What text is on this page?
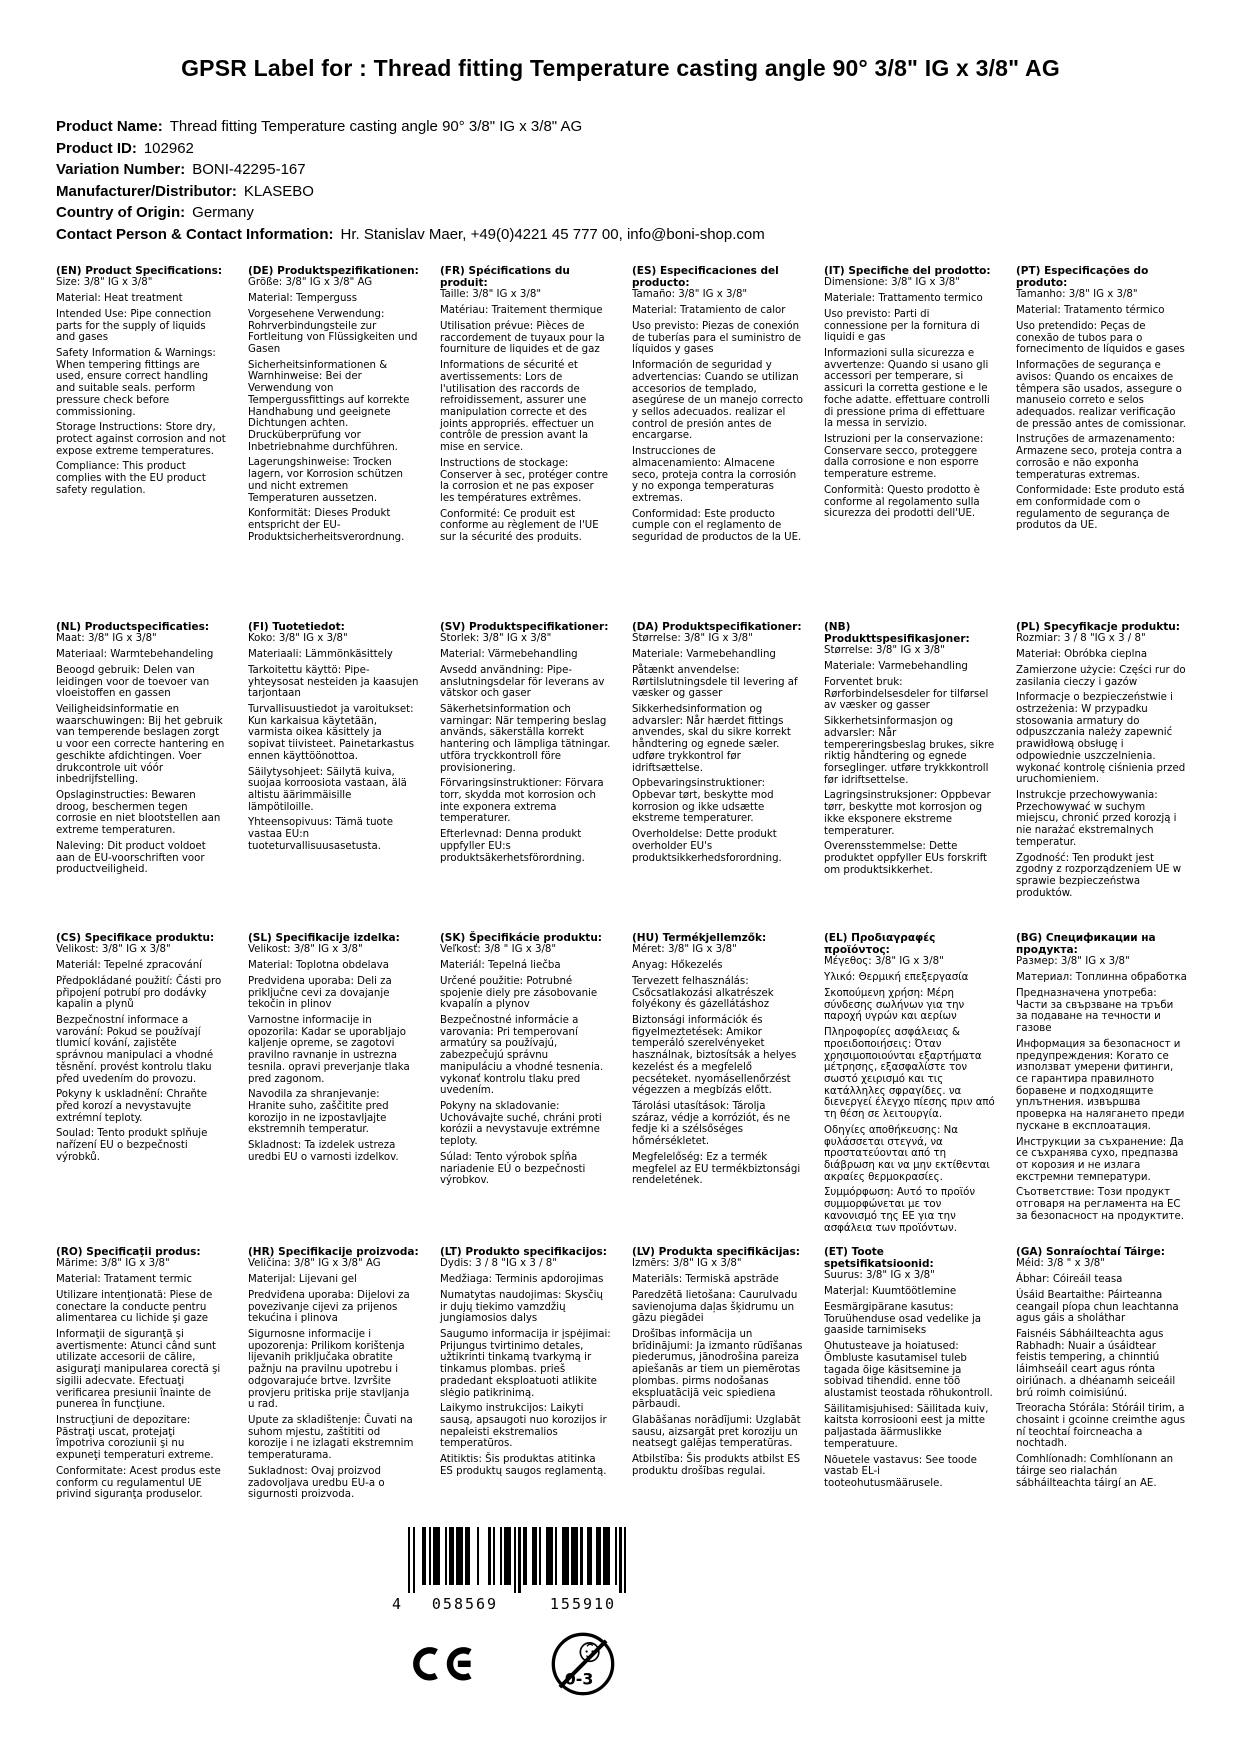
GPSR Label for : Thread fitting Temperature casting angle 90° 3/8" IG x 3/8" AG
Product Name: Thread fitting Temperature casting angle 90° 3/8" IG x 3/8" AG
Product ID: 102962
Variation Number: BONI-42295-167
Manufacturer/Distributor: KLASEBO
Country of Origin: Germany
Contact Person & Contact Information: Hr. Stanislav Maer, +49(0)4221 45 777 00, info@boni-shop.com
(EN) Product Specifications:

Size: 3/8" IG x 3/8"

Material: Heat treatment

Intended Use: Pipe connection parts for the supply of liquids and gases

Safety Information & Warnings: When tempering fittings are used, ensure correct handling and suitable seals. perform pressure check before commissioning.

Storage Instructions: Store dry, protect against corrosion and not expose extreme temperatures.

Compliance: This product complies with the EU product safety regulation.

(DE) Produktspezifikationen:

Größe: 3/8" IG x 3/8" AG

Material: Temperguss

Vorgesehene Verwendung: Rohrverbindungsteile zur Fortleitung von Flüssigkeiten und Gasen

Sicherheitsinformationen & Warnhinweise: Bei der Verwendung von Tempergussfittings auf korrekte Handhabung und geeignete Dichtungen achten. Drucküberprüfung vor Inbetriebnahme durchführen.

Lagerungshinweise: Trocken lagern, vor Korrosion schützen und nicht extremen Temperaturen aussetzen.

Konformität: Dieses Produkt entspricht der EU-Produktsicherheitsverordnung.

(FR) Spécifications du produit:

Taille: 3/8" IG x 3/8"

Matériau: Traitement thermique

Utilisation prévue: Pièces de raccordement de tuyaux pour la fourniture de liquides et de gaz

Informations de sécurité et avertissements: Lors de l'utilisation des raccords de refroidissement, assurer une manipulation correcte et des joints appropriés. effectuer un contrôle de pression avant la mise en service.

Instructions de stockage: Conserver à sec, protéger contre la corrosion et ne pas exposer les températures extrêmes.

Conformité: Ce produit est conforme au règlement de l'UE sur la sécurité des produits.

(ES) Especificaciones del producto:

Tamaño: 3/8" IG x 3/8"

Material: Tratamiento de calor

Uso previsto: Piezas de conexión de tuberías para el suministro de líquidos y gases

Información de seguridad y advertencias: Cuando se utilizan accesorios de templado, asegúrese de un manejo correcto y sellos adecuados. realizar el control de presión antes de encargarse.

Instrucciones de almacenamiento: Almacene seco, proteja contra la corrosión y no exponga temperaturas extremas.

Conformidad: Este producto cumple con el reglamento de seguridad de productos de la UE.

(IT) Specifiche del prodotto:

Dimensione: 3/8" IG x 3/8"

Materiale: Trattamento termico

Uso previsto: Parti di connessione per la fornitura di liquidi e gas

Informazioni sulla sicurezza e avvertenze: Quando si usano gli accessori per temperare, si assicuri la corretta gestione e le foche adatte. effettuare controlli di pressione prima di effettuare la messa in servizio.

Istruzioni per la conservazione: Conservare secco, proteggere dalla corrosione e non esporre temperature estreme.

Conformità: Questo prodotto è conforme al regolamento sulla sicurezza dei prodotti dell'UE.

(PT) Especificações do produto:

Tamanho: 3/8" IG x 3/8"

Material: Tratamento térmico

Uso pretendido: Peças de conexão de tubos para o fornecimento de líquidos e gases

Informações de segurança e avisos: Quando os encaixes de têmpera são usados, assegure o manuseio correto e selos adequados. realizar verificação de pressão antes de comissionar.

Instruções de armazenamento: Armazene seco, proteja contra a corrosão e não exponha temperaturas extremas.

Conformidade: Este produto está em conformidade com o regulamento de segurança de produtos da UE.

(NL) Productspecificaties:

Maat: 3/8" IG x 3/8"

Materiaal: Warmtebehandeling

Beoogd gebruik: Delen van leidingen voor de toevoer van vloeistoffen en gassen

Veiligheidsinformatie en waarschuwingen: Bij het gebruik van temperende beslagen zorgt u voor een correcte hantering en geschikte afdichtingen. Voer drukcontrole uit vóór inbedrijfstelling.

Opslaginstructies: Bewaren droog, beschermen tegen corrosie en niet blootstellen aan extreme temperaturen.

Naleving: Dit product voldoet aan de EU-voorschriften voor productveiligheid.

(FI) Tuotetiedot:

Koko: 3/8" IG x 3/8"

Materiaali: Lämmönkäsittely

Tarkoitettu käyttö: Pipe-yhteysosat nesteiden ja kaasujen tarjontaan

Turvallisuustiedot ja varoitukset: Kun karkaisua käytetään, varmista oikea käsittely ja sopivat tiivisteet. Painetarkastus ennen käyttöönottoa.

Säilytysohjeet: Säilytä kuiva, suojaa korroosiota vastaan, älä altistu äärimmäisille lämpötiloille.

Yhteensopivuus: Tämä tuote vastaa EU:n tuoteturvallisuusasetusta.

(SV) Produktspecifikationer:

Storlek: 3/8" IG x 3/8"

Material: Värmebehandling

Avsedd användning: Pipe-anslutningsdelar för leverans av vätskor och gaser

Säkerhetsinformation och varningar: När tempering beslag används, säkerställa korrekt hantering och lämpliga tätningar. utföra tryckkontroll före provisionering.

Förvaringsinstruktioner: Förvara torr, skydda mot korrosion och inte exponera extrema temperaturer.

Efterlevnad: Denna produkt uppfyller EU:s produktsäkerhetsförordning.

(DA) Produktspecifikationer:

Størrelse: 3/8" IG x 3/8"

Materiale: Varmebehandling

Påtænkt anvendelse: Rørtilslutningsdele til levering af væsker og gasser

Sikkerhedsinformation og advarsler: Når hærdet fittings anvendes, skal du sikre korrekt håndtering og egnede sæler. udføre trykkontrol før idriftsættelse.

Opbevaringsinstruktioner: Opbevar tørt, beskytte mod korrosion og ikke udsætte ekstreme temperaturer.

Overholdelse: Dette produkt overholder EU's produktsikkerhedsforordning.

(NB) Produkttspesifikasjoner:

Størrelse: 3/8" IG x 3/8"

Materiale: Varmebehandling

Forventet bruk: Rørforbindelsesdeler for tilførsel av væsker og gasser

Sikkerhetsinformasjon og advarsler: Når tempereringsbeslag brukes, sikre riktig håndtering og egnede forseglinger. utføre trykkkontroll før idriftsettelse.

Lagringsinstruksjoner: Oppbevar tørr, beskytte mot korrosjon og ikke eksponere ekstreme temperaturer.

Overensstemmelse: Dette produktet oppfyller EUs forskrift om produktsikkerhet.

(PL) Specyfikacje produktu:

Rozmiar: 3 / 8 "IG x 3 / 8"

Materiał: Obróbka cieplna

Zamierzone użycie: Części rur do zasilania cieczy i gazów

Informacje o bezpieczeństwie i ostrzeżenia: W przypadku stosowania armatury do odpuszczania należy zapewnić prawidłową obsługę i odpowiednie uszczelnienia. wykonać kontrolę ciśnienia przed uruchomieniem.

Instrukcje przechowywania: Przechowywać w suchym miejscu, chronić przed korozją i nie narażać ekstremalnych temperatur.

Zgodność: Ten produkt jest zgodny z rozporządzeniem UE w sprawie bezpieczeństwa produktów.

(CS) Specifikace produktu:

Velikost: 3/8" IG x 3/8"

Materiál: Tepelné zpracování

Předpokládané použití: Části pro připojení potrubí pro dodávky kapalin a plynů

Bezpečnostní informace a varování: Pokud se používají tlumicí kování, zajistěte správnou manipulaci a vhodné těsnění. provést kontrolu tlaku před uvedením do provozu.

Pokyny k uskladnění: Chraňte před korozí a nevystavujte extrémní teploty.

Soulad: Tento produkt splňuje nařízení EU o bezpečnosti výrobků.

(SL) Specifikacije izdelka:

Velikost: 3/8" IG x 3/8"

Material: Toplotna obdelava

Predvidena uporaba: Deli za priključne cevi za dovajanje tekočin in plinov

Varnostne informacije in opozorila: Kadar se uporabljajo kaljenje opreme, se zagotovi pravilno ravnanje in ustrezna tesnila. opravi preverjanje tlaka pred zagonom.

Navodila za shranjevanje: Hranite suho, zaščitite pred korozijo in ne izpostavljajte ekstremnih temperatur.

Skladnost: Ta izdelek ustreza uredbi EU o varnosti izdelkov.

(SK) Špecifikácie produktu:

Veľkosť: 3/8 " IG x 3/8"

Materiál: Tepelná liečba

Určené použitie: Potrubné spojenie diely pre zásobovanie kvapalín a plynov

Bezpečnostné informácie a varovania: Pri temperovaní armatúry sa používajú, zabezpečujú správnu manipuláciu a vhodné tesnenia. vykonať kontrolu tlaku pred uvedením.

Pokyny na skladovanie: Uchovávajte suché, chráni proti korózii a nevystavuje extrémne teploty.

Súlad: Tento výrobok spĺňa nariadenie EÚ o bezpečnosti výrobkov.

(HU) Termékjellemzők:

Méret: 3/8" IG x 3/8"

Anyag: Hőkezelés

Tervezett felhasználás: Csőcsatlakozási alkatrészek folyékony és gázellátáshoz

Biztonsági információk és figyelmeztetések: Amikor temperáló szerelvényeket használnak, biztosítsák a helyes kezelést és a megfelelő pecséteket. nyomásellenőrzést végezzen a megbízás előtt.

Tárolási utasítások: Tárolja száraz, védje a korróziót, és ne fedje ki a szélsőséges hőmérsékletet.

Megfelelőség: Ez a termék megfelel az EU termékbiztonsági rendeletének.

(EL) Προδιαγραφές προϊόντος:

Μέγεθος: 3/8" IG x 3/8"

Υλικό: Θερμική επεξεργασία

Σκοπούμενη χρήση: Μέρη σύνδεσης σωλήνων για την παροχή υγρών και αερίων

Πληροφορίες ασφάλειας & προειδοποιήσεις: Όταν χρησιμοποιούνται εξαρτήματα μέτρησης, εξασφαλίστε τον σωστό χειρισμό και τις κατάλληλες σφραγίδες. να διενεργεί έλεγχο πίεσης πριν από τη θέση σε λειτουργία.

Οδηγίες αποθήκευσης: Να φυλάσσεται στεγνά, να προστατεύονται από τη διάβρωση και να μην εκτίθενται ακραίες θερμοκρασίες.

Συμμόρφωση: Αυτό το προϊόν συμμορφώνεται με τον κανονισμό της ΕΕ για την ασφάλεια των προϊόντων.

(BG) Спецификации на продукта:

Размер: 3/8" IG x 3/8"

Материал: Топлинна обработка

Предназначена употреба: Части за свързване на тръби за подаване на течности и газове

Информация за безопасност и предупреждения: Когато се използват умерени фитинги, се гарантира правилното боравене и подходящите уплътнения. извършва проверка на налягането преди пускане в експлоатация.

Инструкции за съхранение: Да се съхранява сухо, предпазва от корозия и не излага екстремни температури.

Съответствие: Този продукт отговаря на регламента на ЕС за безопасност на продуктите.

(RO) Specificaţii produs:

Mărime: 3/8" IG x 3/8"

Material: Tratament termic

Utilizare intenţionată: Piese de conectare la conducte pentru alimentarea cu lichide şi gaze

Informaţii de siguranţă şi avertismente: Atunci când sunt utilizate accesorii de călire, asiguraţi manipularea corectă şi sigilii adecvate. Efectuaţi verificarea presiunii înainte de punerea în funcţiune.

Instrucţiuni de depozitare: Păstraţi uscat, protejaţi împotriva coroziunii şi nu expuneţi temperaturi extreme.

Conformitate: Acest produs este conform cu regulamentul UE privind siguranţa produselor.

(HR) Specifikacije proizvoda:

Veličina: 3/8" IG x 3/8" AG

Materijal: Lijevani gel

Predviđena uporaba: Dijelovi za povezivanje cijevi za prijenos tekućina i plinova

Sigurnosne informacije i upozorenja: Prilikom korištenja lijevanih priključaka obratite pažnju na pravilnu upotrebu i odgovarajuće brtve. Izvršite provjeru pritiska prije stavljanja u rad.

Upute za skladištenje: Čuvati na suhom mjestu, zaštititi od korozije i ne izlagati ekstremnim temperaturama.

Sukladnost: Ovaj proizvod zadovoljava uredbu EU-a o sigurnosti proizvoda.

(LT) Produkto specifikacijos:

Dydis: 3 / 8 "IG x 3 / 8"

Medžiaga: Terminis apdorojimas

Numatytas naudojimas: Skysčių ir dujų tiekimo vamzdžių jungiamosios dalys

Saugumo informacija ir įspėjimai: Prijungus tvirtinimo detales, užtikrinti tinkamą tvarkymą ir tinkamus plombas. prieš pradedant eksploatuoti atlikite slėgio patikrinimą.

Laikymo instrukcijos: Laikyti sausą, apsaugoti nuo korozijos ir nepaleisti ekstremalios temperatūros.

Atitiktis: Šis produktas atitinka ES produktų saugos reglamentą.

(LV) Produkta specifikācijas:

Izmērs: 3/8" IG x 3/8"

Materiāls: Termiskā apstrāde

Paredzētā lietošana: Caurulvadu savienojuma daļas šķidrumu un gāzu piegādei

Drošības informācija un brīdinājumi: Ja izmanto rūdīšanas piederumus, jānodrošina pareiza apiešanās ar tiem un piemērotas plombas. pirms nodošanas ekspluatācijā veic spiediena pārbaudi.

Glabāšanas norādījumi: Uzglabāt sausu, aizsargāt pret koroziju un neatsegt galējas temperatūras.

Atbilstība: Šis produkts atbilst ES produktu drošības regulai.

(ET) Toote spetsifikatsioonid:

Suurus: 3/8" IG x 3/8"

Materjal: Kuumtöötlemine

Eesmärgipärane kasutus: Toruühenduse osad vedelike ja gaaside tarnimiseks

Ohutusteave ja hoiatused: Õmbluste kasutamisel tuleb tagada õige käsitsemine ja sobivad tihendid. enne töö alustamist teostada rõhukontroll.

Säilitamisjuhised: Säilitada kuiv, kaitsta korrosiooni eest ja mitte paljastada äärmuslikke temperatuure.

Nõuetele vastavus: See toode vastab EL-i tooteohutusmäärusele.

(GA) Sonraíochtaí Táirge:

Méid: 3/8 " x 3/8"

Ábhar: Cóireáil teasa

Úsáid Beartaithe: Páirteanna ceangail píopa chun leachtanna agus gáis a sholáthar

Faisnéis Sábháilteachta agus Rabhadh: Nuair a úsáidtear feistis tempering, a chinntiú láimhseáil ceart agus rónta oiriúnach. a dhéanamh seiceáil brú roimh coimisiúnú.

Treoracha Stórála: Stóráil tirim, a chosaint i gcoinne creimthe agus ní teochtaí foircneacha a nochtadh.

Comhlíonadh: Comhlíonann an táirge seo rialachán sábháilteachta táirgí an AE.

4	058569	155910
0-3
